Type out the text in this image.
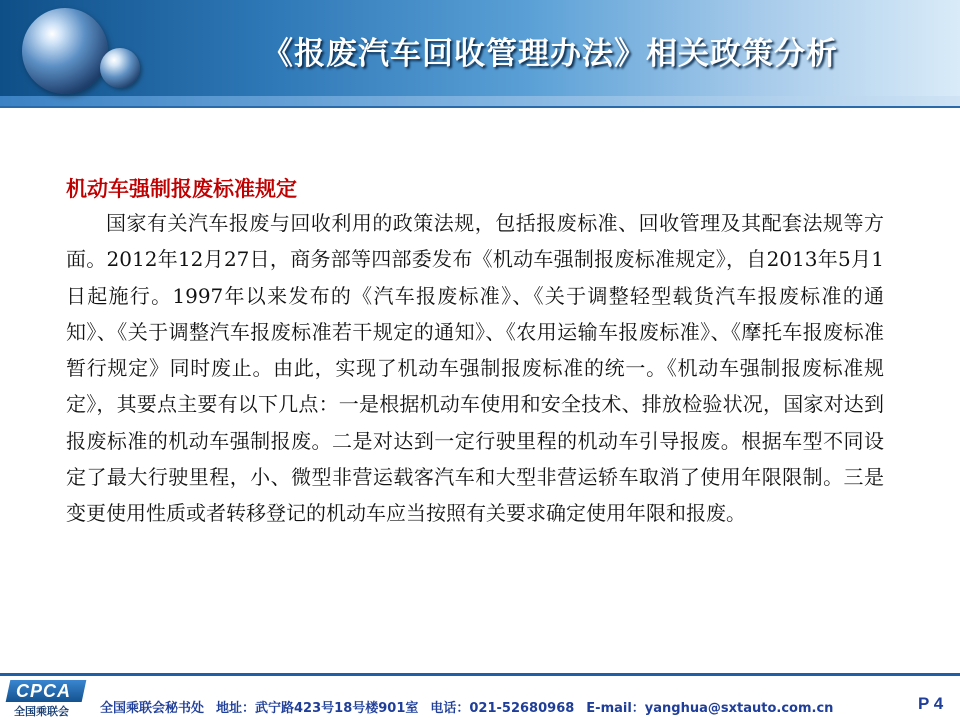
《报废汽车回收管理办法》相关政策分析
机动车强制报废标准规定

国家有关汽车报废与回收利用的政策法规，包括报废标准、回收管理及其配套法规等方面。2012年12月27日，商务部等四部委发布《机动车强制报废标准规定》，自2013年5月1日起施行。1997年以来发布的《汽车报废标准》、《关于调整轻型载货汽车报废标准的通知》、《关于调整汽车报废标准若干规定的通知》、《农用运输车报废标准》、《摩托车报废标准暂行规定》同时废止。由此，实现了机动车强制报废标准的统一。《机动车强制报废标准规定》，其要点主要有以下几点：一是根据机动车使用和安全技术、排放检验状况，国家对达到报废标准的机动车强制报废。二是对达到一定行驶里程的机动车引导报废。根据车型不同设定了最大行驶里程，小、微型非营运载客汽车和大型非营运轿车取消了使用年限限制。三是变更使用性质或者转移登记的机动车应当按照有关要求确定使用年限和报废。

CPCA
全国乘联会 全国乘联会秘书处 地址：武宁路423号18号楼901室 电话：021-52680968 E-mail：yanghua@sxtauto.com.cn	P 4
